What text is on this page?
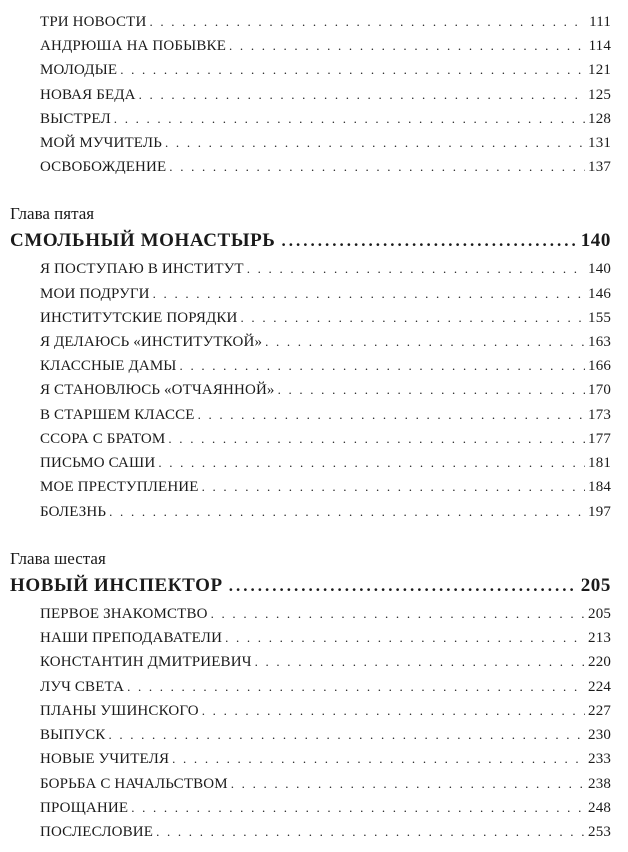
ТРИ НОВОСТИ . . .	111
АНДРЮША НА ПОБЫВКЕ . . .	114
МОЛОДЫЕ . . .	121
НОВАЯ БЕДА . . .	125
ВЫСТРЕЛ . . .	128
МОЙ МУЧИТЕЛЬ . . .	131
ОСВОБОЖДЕНИЕ . . .	137
Глава пятая
СМОЛЬНЫЙ МОНАСТЫРЬ .....	140
Я ПОСТУПАЮ В ИНСТИТУТ . . .	140
МОИ ПОДРУГИ . . .	146
ИНСТИТУТСКИЕ ПОРЯДКИ . . .	155
Я ДЕЛАЮСЬ «ИНСТИТУТКОЙ» . . .	163
КЛАССНЫЕ ДАМЫ . . .	166
Я СТАНОВЛЮСЬ «ОТЧАЯННОЙ» . . .	170
В СТАРШЕМ КЛАССЕ . . .	173
ССОРА С БРАТОМ . . .	177
ПИСЬМО САШИ . . .	181
МОЕ ПРЕСТУПЛЕНИЕ . . .	184
БОЛЕЗНЬ . . .	197
Глава шестая
НОВЫЙ ИНСПЕКТОР .....	205
ПЕРВОЕ ЗНАКОМСТВО . . .	205
НАШИ ПРЕПОДАВАТЕЛИ . . .	213
КОНСТАНТИН ДМИТРИЕВИЧ . . .	220
ЛУЧ СВЕТА . . .	224
ПЛАНЫ УШИНСКОГО . . .	227
ВЫПУСК . . .	230
НОВЫЕ УЧИТЕЛЯ . . .	233
БОРЬБА С НАЧАЛЬСТВОМ . . .	238
ПРОЩАНИЕ . . .	248
ПОСЛЕСЛОВИЕ . . .	253
